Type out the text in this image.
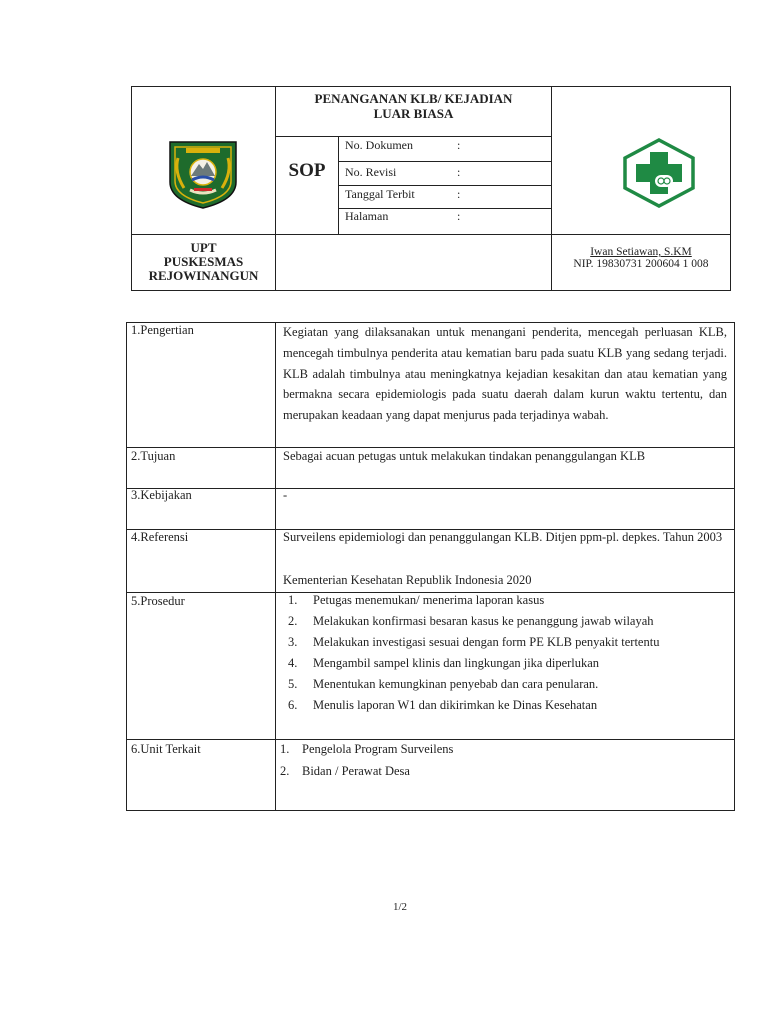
PENANGANAN KLB/ KEJADIAN
LUAR BIASA
SOP
No. Dokumen	:
No. Revisi	:
Tanggal Terbit	:
Halaman	:
UPT
PUSKESMAS
REJOWINANGUN
Iwan Setiawan, S.KM
NIP. 19830731 200604 1 008
1.Pengertian	Kegiatan yang dilaksanakan untuk menangani penderita, mencegah perluasan KLB, mencegah timbulnya penderita atau kematian baru pada suatu KLB yang sedang terjadi. KLB adalah timbulnya atau meningkatnya kejadian kesakitan dan atau kematian yang bermakna secara epidemiologis pada suatu daerah dalam kurun waktu tertentu, dan merupakan keadaan yang dapat menjurus pada terjadinya wabah.
2.Tujuan	Sebagai acuan petugas untuk melakukan tindakan penanggulangan KLB
3.Kebijakan	-
4.Referensi	Surveilens epidemiologi dan penanggulangan KLB. Ditjen ppm-pl. depkes. Tahun 2003
Kementerian Kesehatan Republik Indonesia 2020
5.Prosedur	1. Petugas menemukan/ menerima laporan kasus
2. Melakukan konfirmasi besaran kasus ke penanggung jawab wilayah
3. Melakukan investigasi sesuai dengan form PE KLB penyakit tertentu
4. Mengambil sampel klinis dan lingkungan jika diperlukan
5. Menentukan kemungkinan penyebab dan cara penularan.
6. Menulis laporan W1 dan dikirimkan ke Dinas Kesehatan
6.Unit Terkait	1. Pengelola Program Surveilens
2. Bidan / Perawat Desa
1/2
